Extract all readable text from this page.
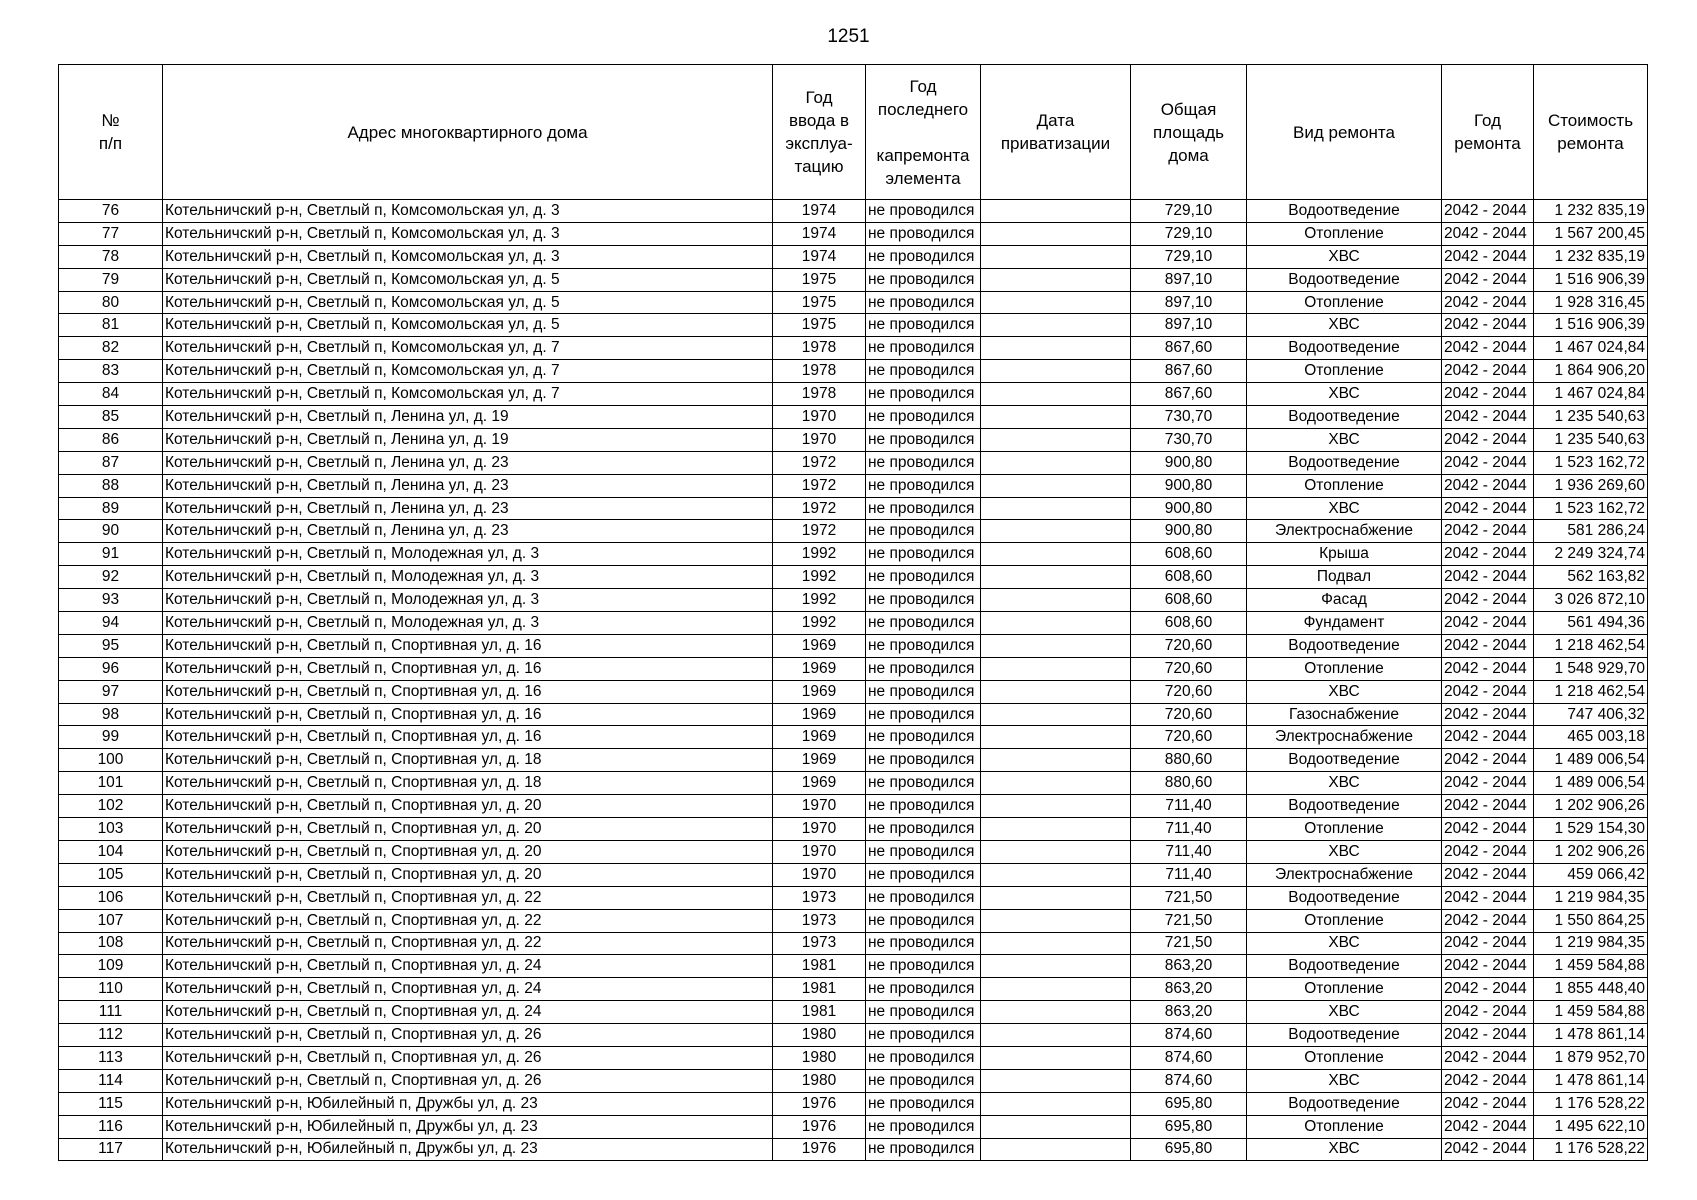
1251
№
п/п	Адрес многоквартирного дома	Год
ввода в
эксплуа-
тацию	Год
последнего

капремонта
элемента	Дата
приватизации	Общая
площадь
дома	Вид ремонта	Год
ремонта	Стоимость
ремонта

76	Котельничский р-н, Светлый п, Комсомольская ул, д. 3	1974	не проводился		729,10	Водоотведение	2042 - 2044	1 232 835,19
77	Котельничский р-н, Светлый п, Комсомольская ул, д. 3	1974	не проводился		729,10	Отопление	2042 - 2044	1 567 200,45
78	Котельничский р-н, Светлый п, Комсомольская ул, д. 3	1974	не проводился		729,10	ХВС	2042 - 2044	1 232 835,19
79	Котельничский р-н, Светлый п, Комсомольская ул, д. 5	1975	не проводился		897,10	Водоотведение	2042 - 2044	1 516 906,39
80	Котельничский р-н, Светлый п, Комсомольская ул, д. 5	1975	не проводился		897,10	Отопление	2042 - 2044	1 928 316,45
81	Котельничский р-н, Светлый п, Комсомольская ул, д. 5	1975	не проводился		897,10	ХВС	2042 - 2044	1 516 906,39
82	Котельничский р-н, Светлый п, Комсомольская ул, д. 7	1978	не проводился		867,60	Водоотведение	2042 - 2044	1 467 024,84
83	Котельничский р-н, Светлый п, Комсомольская ул, д. 7	1978	не проводился		867,60	Отопление	2042 - 2044	1 864 906,20
84	Котельничский р-н, Светлый п, Комсомольская ул, д. 7	1978	не проводился		867,60	ХВС	2042 - 2044	1 467 024,84
85	Котельничский р-н, Светлый п, Ленина ул, д. 19	1970	не проводился		730,70	Водоотведение	2042 - 2044	1 235 540,63
86	Котельничский р-н, Светлый п, Ленина ул, д. 19	1970	не проводился		730,70	ХВС	2042 - 2044	1 235 540,63
87	Котельничский р-н, Светлый п, Ленина ул, д. 23	1972	не проводился		900,80	Водоотведение	2042 - 2044	1 523 162,72
88	Котельничский р-н, Светлый п, Ленина ул, д. 23	1972	не проводился		900,80	Отопление	2042 - 2044	1 936 269,60
89	Котельничский р-н, Светлый п, Ленина ул, д. 23	1972	не проводился		900,80	ХВС	2042 - 2044	1 523 162,72
90	Котельничский р-н, Светлый п, Ленина ул, д. 23	1972	не проводился		900,80	Электроснабжение	2042 - 2044	581 286,24
91	Котельничский р-н, Светлый п, Молодежная ул, д. 3	1992	не проводился		608,60	Крыша	2042 - 2044	2 249 324,74
92	Котельничский р-н, Светлый п, Молодежная ул, д. 3	1992	не проводился		608,60	Подвал	2042 - 2044	562 163,82
93	Котельничский р-н, Светлый п, Молодежная ул, д. 3	1992	не проводился		608,60	Фасад	2042 - 2044	3 026 872,10
94	Котельничский р-н, Светлый п, Молодежная ул, д. 3	1992	не проводился		608,60	Фундамент	2042 - 2044	561 494,36
95	Котельничский р-н, Светлый п, Спортивная ул, д. 16	1969	не проводился		720,60	Водоотведение	2042 - 2044	1 218 462,54
96	Котельничский р-н, Светлый п, Спортивная ул, д. 16	1969	не проводился		720,60	Отопление	2042 - 2044	1 548 929,70
97	Котельничский р-н, Светлый п, Спортивная ул, д. 16	1969	не проводился		720,60	ХВС	2042 - 2044	1 218 462,54
98	Котельничский р-н, Светлый п, Спортивная ул, д. 16	1969	не проводился		720,60	Газоснабжение	2042 - 2044	747 406,32
99	Котельничский р-н, Светлый п, Спортивная ул, д. 16	1969	не проводился		720,60	Электроснабжение	2042 - 2044	465 003,18
100	Котельничский р-н, Светлый п, Спортивная ул, д. 18	1969	не проводился		880,60	Водоотведение	2042 - 2044	1 489 006,54
101	Котельничский р-н, Светлый п, Спортивная ул, д. 18	1969	не проводился		880,60	ХВС	2042 - 2044	1 489 006,54
102	Котельничский р-н, Светлый п, Спортивная ул, д. 20	1970	не проводился		711,40	Водоотведение	2042 - 2044	1 202 906,26
103	Котельничский р-н, Светлый п, Спортивная ул, д. 20	1970	не проводился		711,40	Отопление	2042 - 2044	1 529 154,30
104	Котельничский р-н, Светлый п, Спортивная ул, д. 20	1970	не проводился		711,40	ХВС	2042 - 2044	1 202 906,26
105	Котельничский р-н, Светлый п, Спортивная ул, д. 20	1970	не проводился		711,40	Электроснабжение	2042 - 2044	459 066,42
106	Котельничский р-н, Светлый п, Спортивная ул, д. 22	1973	не проводился		721,50	Водоотведение	2042 - 2044	1 219 984,35
107	Котельничский р-н, Светлый п, Спортивная ул, д. 22	1973	не проводился		721,50	Отопление	2042 - 2044	1 550 864,25
108	Котельничский р-н, Светлый п, Спортивная ул, д. 22	1973	не проводился		721,50	ХВС	2042 - 2044	1 219 984,35
109	Котельничский р-н, Светлый п, Спортивная ул, д. 24	1981	не проводился		863,20	Водоотведение	2042 - 2044	1 459 584,88
110	Котельничский р-н, Светлый п, Спортивная ул, д. 24	1981	не проводился		863,20	Отопление	2042 - 2044	1 855 448,40
111	Котельничский р-н, Светлый п, Спортивная ул, д. 24	1981	не проводился		863,20	ХВС	2042 - 2044	1 459 584,88
112	Котельничский р-н, Светлый п, Спортивная ул, д. 26	1980	не проводился		874,60	Водоотведение	2042 - 2044	1 478 861,14
113	Котельничский р-н, Светлый п, Спортивная ул, д. 26	1980	не проводился		874,60	Отопление	2042 - 2044	1 879 952,70
114	Котельничский р-н, Светлый п, Спортивная ул, д. 26	1980	не проводился		874,60	ХВС	2042 - 2044	1 478 861,14
115	Котельничский р-н, Юбилейный п, Дружбы ул, д. 23	1976	не проводился		695,80	Водоотведение	2042 - 2044	1 176 528,22
116	Котельничский р-н, Юбилейный п, Дружбы ул, д. 23	1976	не проводился		695,80	Отопление	2042 - 2044	1 495 622,10
117	Котельничский р-н, Юбилейный п, Дружбы ул, д. 23	1976	не проводился		695,80	ХВС	2042 - 2044	1 176 528,22
